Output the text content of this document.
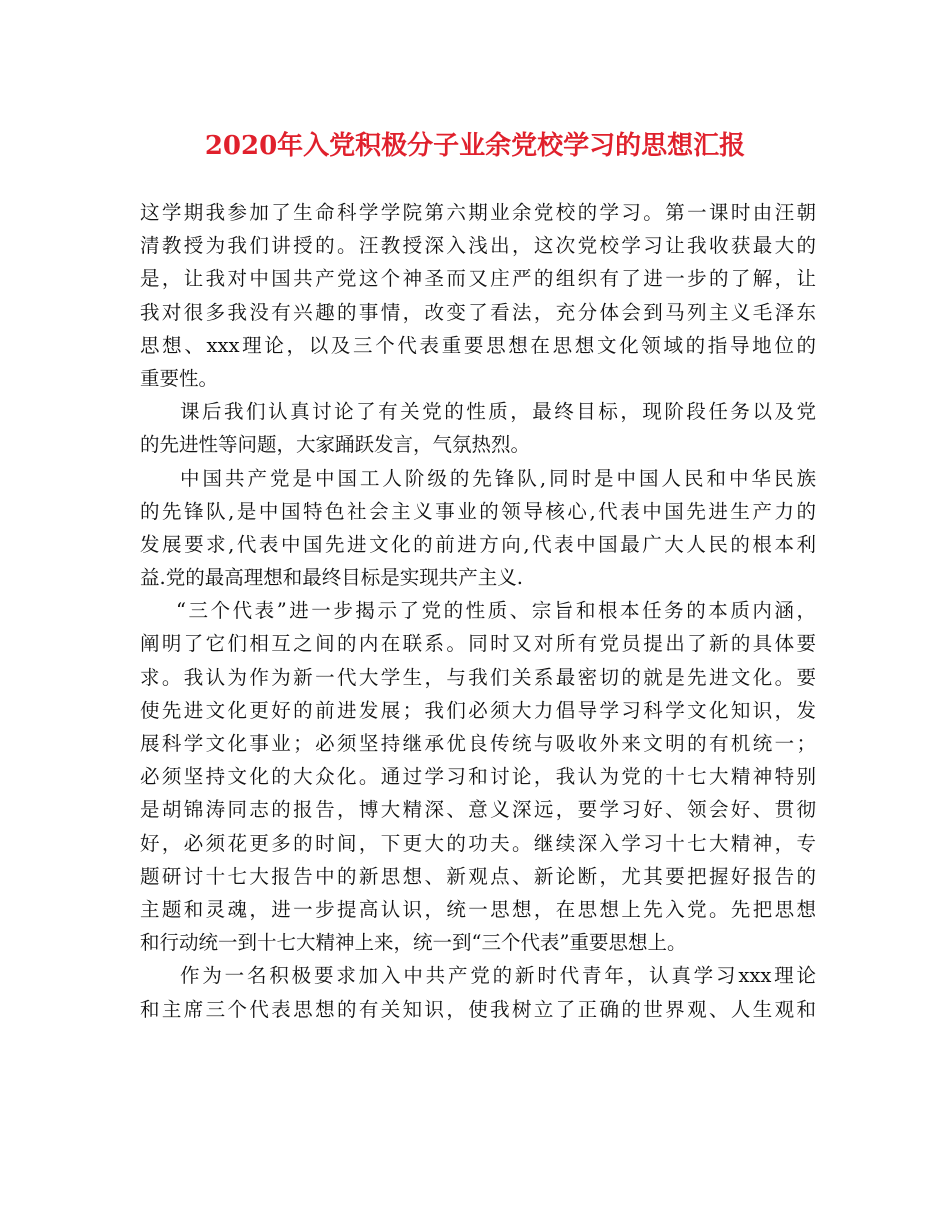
2020年入党积极分子业余党校学习的思想汇报
这学期我参加了生命科学学院第六期业余党校的学习。第一课时由汪朝
清教授为我们讲授的。汪教授深入浅出，这次党校学习让我收获最大的
是，让我对中国共产党这个神圣而又庄严的组织有了进一步的了解，让
我对很多我没有兴趣的事情，改变了看法，充分体会到马列主义毛泽东
思想、xxx理论，以及三个代表重要思想在思想文化领域的指导地位的
重要性。
课后我们认真讨论了有关党的性质，最终目标，现阶段任务以及党
的先进性等问题，大家踊跃发言，气氛热烈。
中国共产党是中国工人阶级的先锋队,同时是中国人民和中华民族
的先锋队,是中国特色社会主义事业的领导核心,代表中国先进生产力的
发展要求,代表中国先进文化的前进方向,代表中国最广大人民的根本利
益.党的最高理想和最终目标是实现共产主义.
“三个代表”进一步揭示了党的性质、宗旨和根本任务的本质内涵，
阐明了它们相互之间的内在联系。同时又对所有党员提出了新的具体要
求。我认为作为新一代大学生，与我们关系最密切的就是先进文化。要
使先进文化更好的前进发展；我们必须大力倡导学习科学文化知识，发
展科学文化事业；必须坚持继承优良传统与吸收外来文明的有机统一；
必须坚持文化的大众化。通过学习和讨论，我认为党的十七大精神特别
是胡锦涛同志的报告，博大精深、意义深远，要学习好、领会好、贯彻
好，必须花更多的时间，下更大的功夫。继续深入学习十七大精神，专
题研讨十七大报告中的新思想、新观点、新论断，尤其要把握好报告的
主题和灵魂，进一步提高认识，统一思想，在思想上先入党。先把思想
和行动统一到十七大精神上来，统一到“三个代表”重要思想上。
作为一名积极要求加入中共产党的新时代青年，认真学习xxx理论
和主席三个代表思想的有关知识，使我树立了正确的世界观、人生观和
